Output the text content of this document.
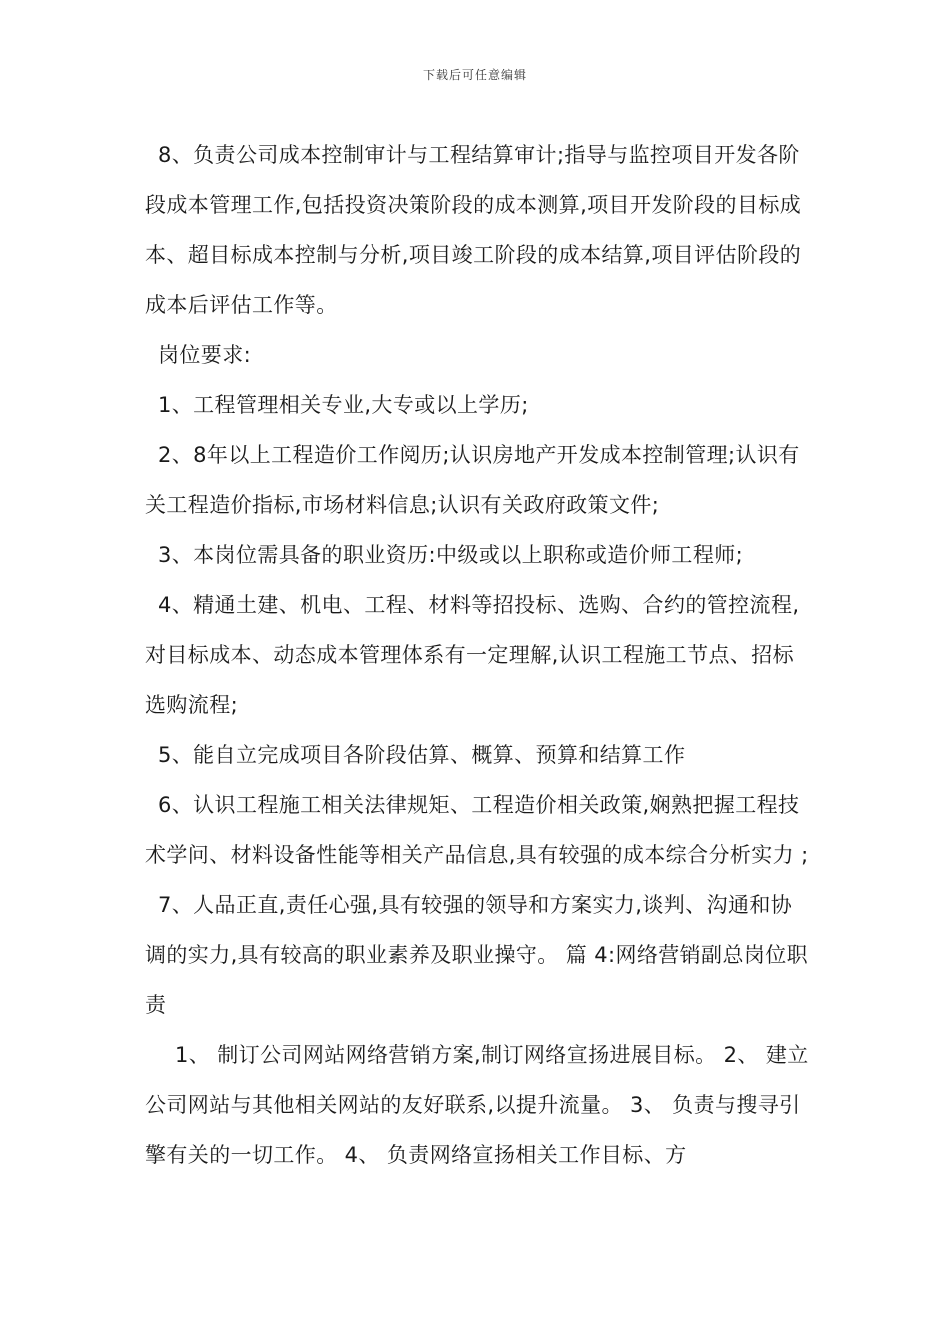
下载后可任意编辑

8、负责公司成本控制审计与工程结算审计;指导与监控项目开发各阶段成本管理工作,包括投资决策阶段的成本测算,项目开发阶段的目标成本、超目标成本控制与分析,项目竣工阶段的成本结算,项目评估阶段的成本后评估工作等。

岗位要求:

1、工程管理相关专业,大专或以上学历;

2、8年以上工程造价工作阅历;认识房地产开发成本控制管理;认识有关工程造价指标,市场材料信息;认识有关政府政策文件;

3、本岗位需具备的职业资历:中级或以上职称或造价师工程师;

4、精通土建、机电、工程、材料等招投标、选购、合约的管控流程,对目标成本、动态成本管理体系有一定理解,认识工程施工节点、招标选购流程;

5、能自立完成项目各阶段估算、概算、预算和结算工作

6、认识工程施工相关法律规矩、工程造价相关政策,娴熟把握工程技术学问、材料设备性能等相关产品信息,具有较强的成本综合分析实力 ;

7、人品正直,责任心强,具有较强的领导和方案实力,谈判、沟通和协调的实力,具有较高的职业素养及职业操守。 篇 4:网络营销副总岗位职责

1、 制订公司网站网络营销方案,制订网络宣扬进展目标。 2、 建立公司网站与其他相关网站的友好联系,以提升流量。 3、 负责与搜寻引擎有关的一切工作。 4、 负责网络宣扬相关工作目标、方
